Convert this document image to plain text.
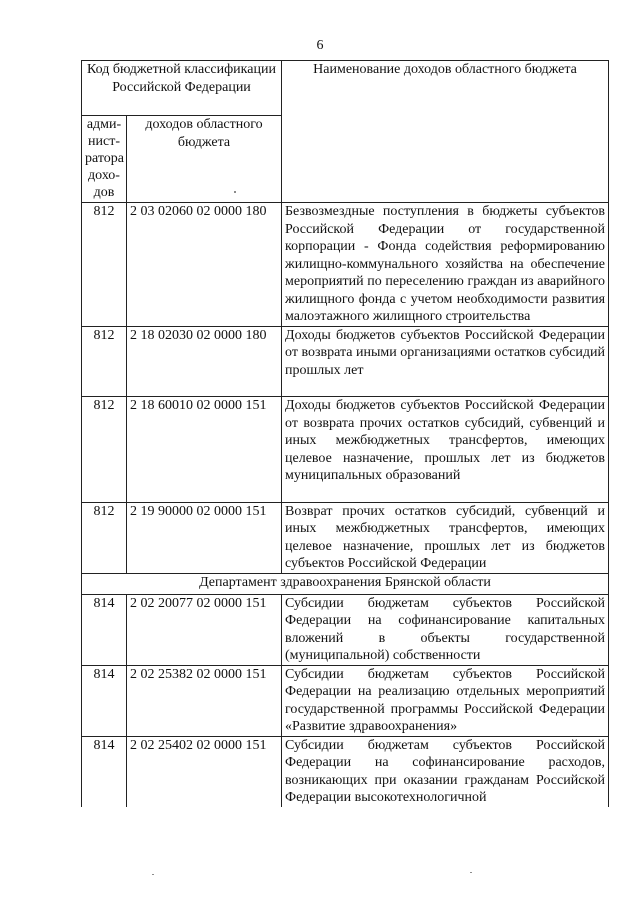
6
Код бюджетной классификации Российской Федерации		Наименование доходов областного бюджета
адми-нист-ратора дохо-дов	доходов областного бюджета	
812	2 03 02060 02 0000 180	Безвозмездные поступления в бюджеты субъектов Российской Федерации от государственной корпорации - Фонда содействия реформированию жилищно-коммунального хозяйства на обеспечение мероприятий по переселению граждан из аварийного жилищного фонда с учетом необходимости развития малоэтажного жилищного строительства
812	2 18 02030 02 0000 180	Доходы бюджетов субъектов Российской Федерации от возврата иными организациями остатков субсидий прошлых лет
812	2 18 60010 02 0000 151	Доходы бюджетов субъектов Российской Федерации от возврата прочих остатков субсидий, субвенций и иных межбюджетных трансфертов, имеющих целевое назначение, прошлых лет из бюджетов муниципальных образований
812	2 19 90000 02 0000 151	Возврат прочих остатков субсидий, субвенций и иных межбюджетных трансфертов, имеющих целевое назначение, прошлых лет из бюджетов субъектов Российской Федерации
Департамент здравоохранения Брянской области		
814	2 02 20077 02 0000 151	Субсидии бюджетам субъектов Российской Федерации на софинансирование капитальных вложений в объекты государственной (муниципальной) собственности
814	2 02 25382 02 0000 151	Субсидии бюджетам субъектов Российской Федерации на реализацию отдельных мероприятий государственной программы Российской Федерации «Развитие здравоохранения»
814	2 02 25402 02 0000 151	Субсидии бюджетам субъектов Российской Федерации на софинансирование расходов, возникающих при оказании гражданам Российской Федерации высокотехнологичной
